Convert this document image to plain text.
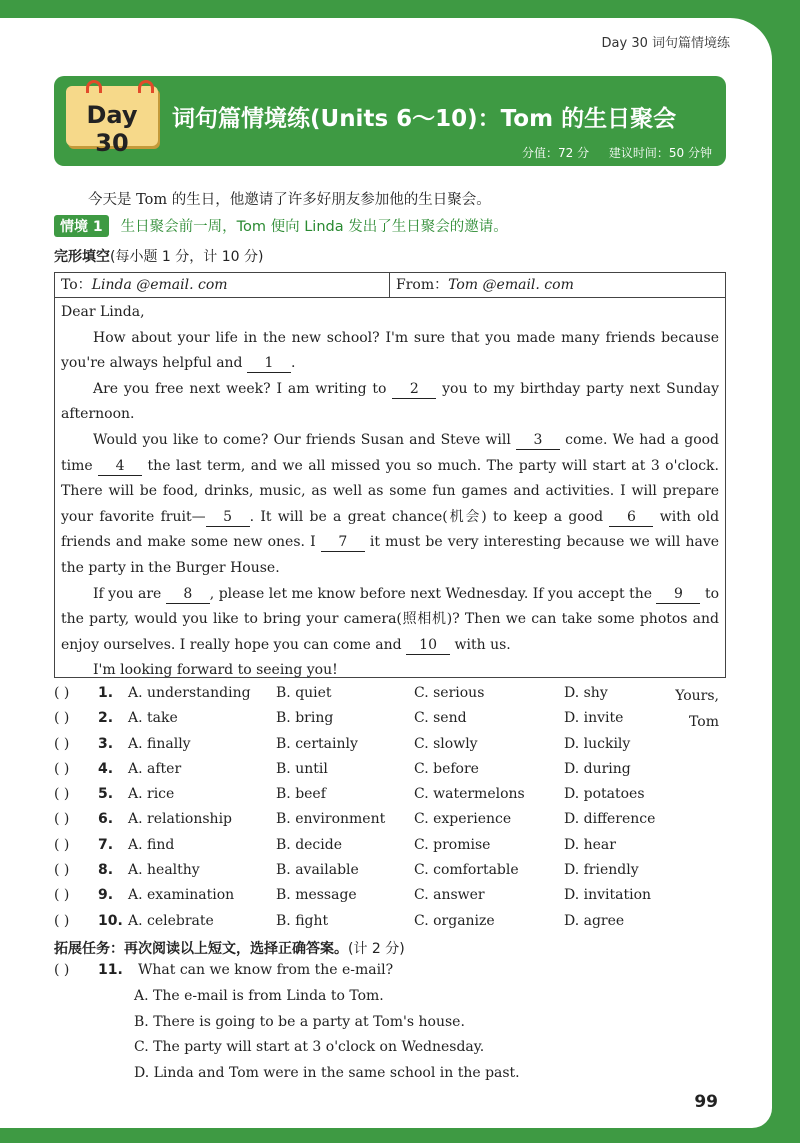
Day 30 词句篇情境练
Day 30
词句篇情境练(Units 6～10)：Tom 的生日聚会
分值：72 分 建议时间：50 分钟
今天是 Tom 的生日，他邀请了许多好朋友参加他的生日聚会。
情境 1 生日聚会前一周，Tom 便向 Linda 发出了生日聚会的邀请。
完形填空(每小题 1 分，计 10 分)
To：Linda @email. com	From：Tom @email. com

Dear Linda,

How about your life in the new school? I'm sure that you made many friends because you're always helpful and 1 .

Are you free next week? I am writing to 2 you to my birthday party next Sunday afternoon.

Would you like to come? Our friends Susan and Steve will 3 come. We had a good time 4 the last term, and we all missed you so much. The party will start at 3 o'clock. There will be food, drinks, music, as well as some fun games and activities. I will prepare your favorite fruit— 5 . It will be a great chance(机会) to keep a good 6 with old friends and make some new ones. I 7 it must be very interesting because we will have the party in the Burger House.

If you are 8 , please let me know before next Wednesday. If you accept the 9 to the party, would you like to bring your camera(照相机)? Then we can take some photos and enjoy ourselves. I really hope you can come and 10 with us.

I'm looking forward to seeing you!

Yours,

Tom

( ) 1. A. understanding B. quiet	C. serious	D. shy
( ) 2. A. take	B. bring	C. send	D. invite
( ) 3. A. finally	B. certainly	C. slowly	D. luckily
( ) 4. A. after	B. until	C. before	D. during
( ) 5. A. rice	B. beef	C. watermelons	D. potatoes
( ) 6. A. relationship	B. environment C. experience	D. difference
( ) 7. A. find	B. decide	C. promise	D. hear
( ) 8. A. healthy	B. available	C. comfortable	D. friendly
( ) 9. A. examination	B. message	C. answer	D. invitation
( ) 10. A. celebrate	B. fight	C. organize	D. agree
拓展任务：再次阅读以上短文，选择正确答案。(计 2 分)
( ) 11. What can we know from the e-mail?
A. The e-mail is from Linda to Tom.
B. There is going to be a party at Tom's house.
C. The party will start at 3 o'clock on Wednesday.
D. Linda and Tom were in the same school in the past.
99
